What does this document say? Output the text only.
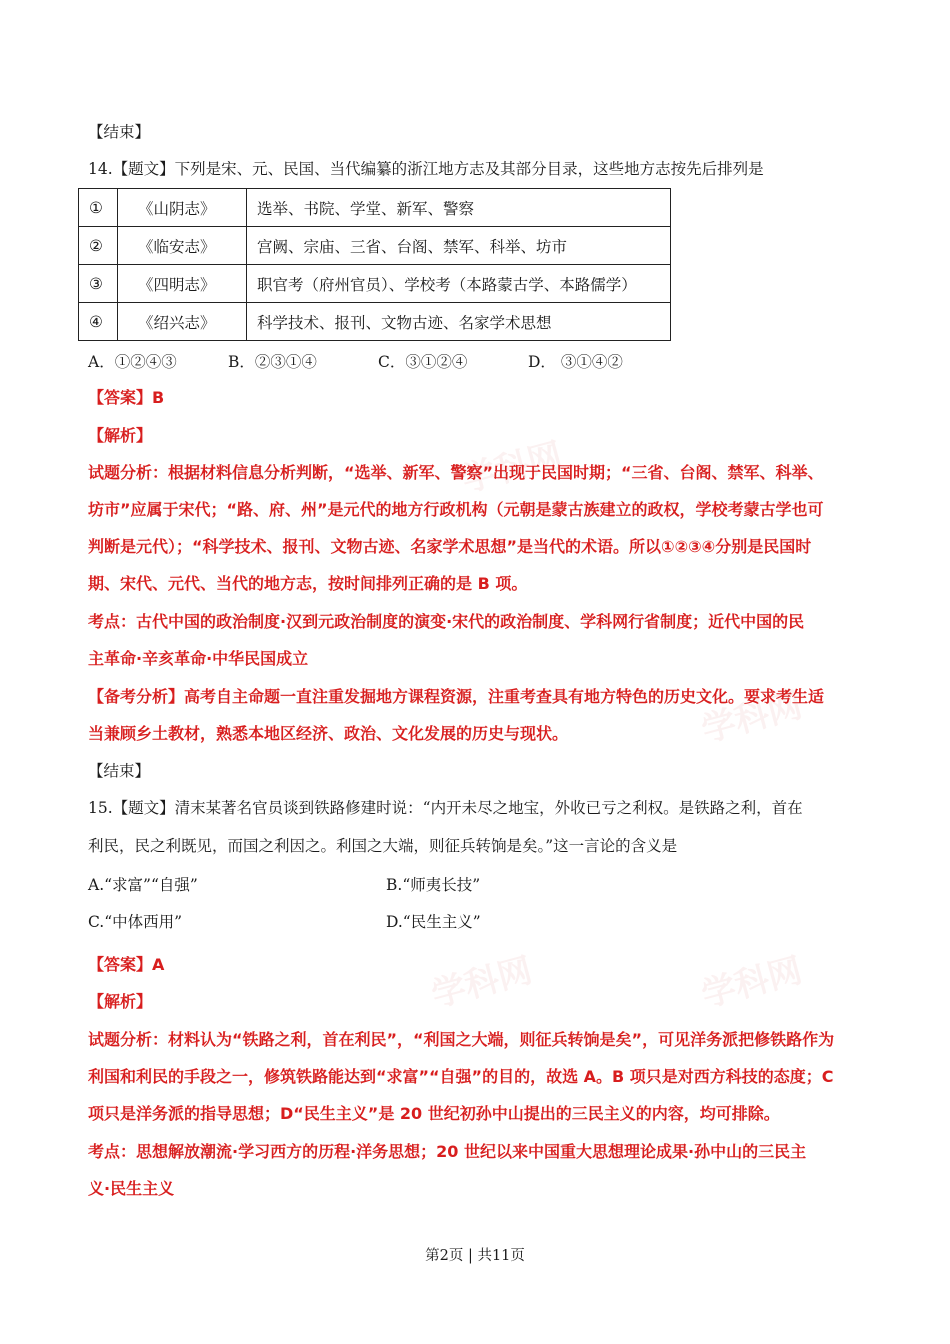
学科网
学科网
学科网	学科网
【结束】
14.【题文】下列是宋、元、民国、当代编纂的浙江地方志及其部分目录，这些地方志按先后排列是
①	《山阴志》	选举、书院、学堂、新军、警察
②	《临安志》	宫阙、宗庙、三省、台阁、禁军、科举、坊市
③	《四明志》	职官考（府州官员）、学校考（本路蒙古学、本路儒学）
④	《绍兴志》	科学技术、报刊、文物古迹、名家学术思想
A．①②④③	B．②③①④	C．③①②④	D． ③①④②
【答案】B
【解析】
试题分析：根据材料信息分析判断，“选举、新军、警察”出现于民国时期；“三省、台阁、禁军、科举、
坊市”应属于宋代；“路、府、州”是元代的地方行政机构（元朝是蒙古族建立的政权，学校考蒙古学也可
判断是元代）；“科学技术、报刊、文物古迹、名家学术思想”是当代的术语。所以①②③④分别是民国时
期、宋代、元代、当代的地方志，按时间排列正确的是 B 项。
考点：古代中国的政治制度·汉到元政治制度的演变·宋代的政治制度、学科网行省制度；近代中国的民
主革命·辛亥革命·中华民国成立
【备考分析】高考自主命题一直注重发掘地方课程资源，注重考查具有地方特色的历史文化。要求考生适
当兼顾乡土教材，熟悉本地区经济、政治、文化发展的历史与现状。
【结束】
15.【题文】清末某著名官员谈到铁路修建时说：“内开未尽之地宝，外收已亏之利权。是铁路之利，首在
利民，民之利既见，而国之利因之。利国之大端，则征兵转饷是矣。”这一言论的含义是
A.“求富”“自强”	B.“师夷长技”
C.“中体西用”	D.“民生主义”
【答案】A
【解析】
试题分析：材料认为“铁路之利，首在利民”，“利国之大端，则征兵转饷是矣”，可见洋务派把修铁路作为
利国和利民的手段之一，修筑铁路能达到“求富”“自强”的目的，故选 A。B 项只是对西方科技的态度；C
项只是洋务派的指导思想；D“民生主义”是 20 世纪初孙中山提出的三民主义的内容，均可排除。
考点：思想解放潮流·学习西方的历程·洋务思想；20 世纪以来中国重大思想理论成果·孙中山的三民主
义·民生主义
第2页 | 共11页
